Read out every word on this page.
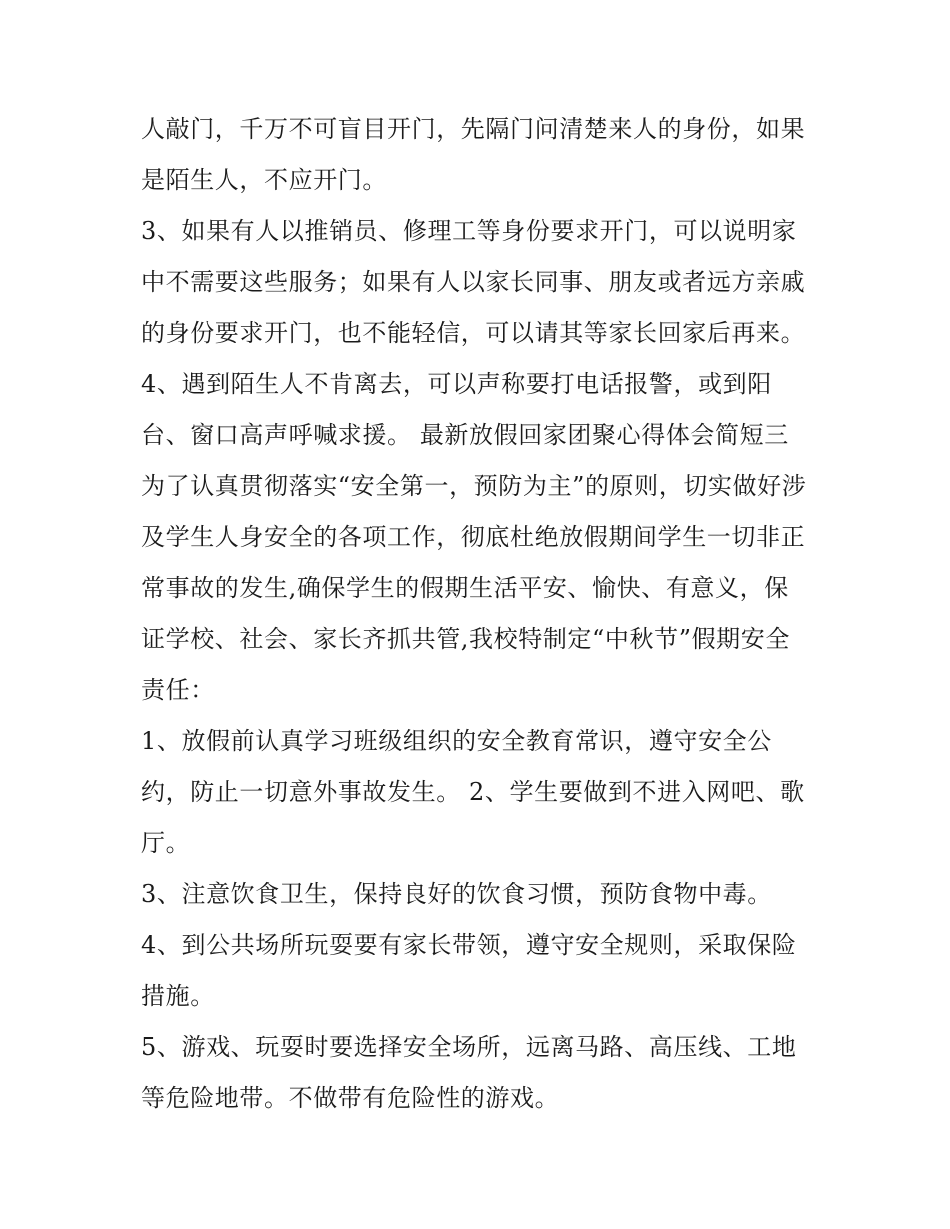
人敲门，千万不可盲目开门，先隔门问清楚来人的身份，如果
是陌生人，不应开门。
3、如果有人以推销员、修理工等身份要求开门，可以说明家
中不需要这些服务；如果有人以家长同事、朋友或者远方亲戚
的身份要求开门，也不能轻信，可以请其等家长回家后再来。
4、遇到陌生人不肯离去，可以声称要打电话报警，或到阳
台、窗口高声呼喊求援。 最新放假回家团聚心得体会简短三
为了认真贯彻落实“安全第一，预防为主”的原则，切实做好涉
及学生人身安全的各项工作，彻底杜绝放假期间学生一切非正
常事故的发生,确保学生的假期生活平安、愉快、有意义，保
证学校、社会、家长齐抓共管,我校特制定“中秋节”假期安全
责任：
1、放假前认真学习班级组织的安全教育常识，遵守安全公
约，防止一切意外事故发生。 2、学生要做到不进入网吧、歌
厅。
3、注意饮食卫生，保持良好的饮食习惯，预防食物中毒。
4、到公共场所玩耍要有家长带领，遵守安全规则，采取保险
措施。
5、游戏、玩耍时要选择安全场所，远离马路、高压线、工地
等危险地带。不做带有危险性的游戏。
